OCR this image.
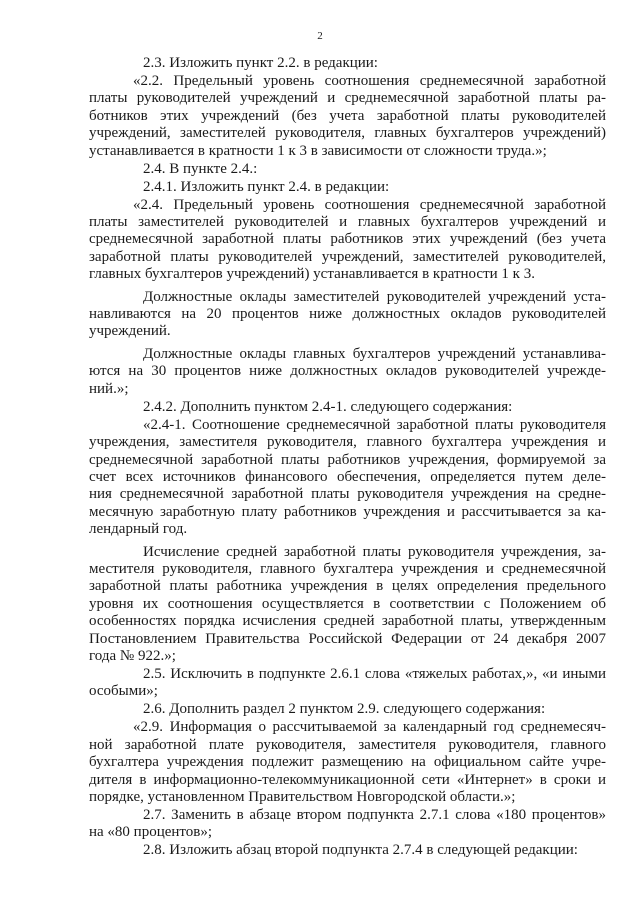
2

2.3. Изложить пункт 2.2. в редакции:

«2.2. Предельный уровень соотношения среднемесячной заработной

платы руководителей учреждений и среднемесячной заработной платы ра-

ботников этих учреждений (без учета заработной платы руководителей

учреждений, заместителей руководителя, главных бухгалтеров учреждений)

устанавливается в кратности 1 к 3 в зависимости от сложности труда.»;

2.4. В пункте 2.4.:

2.4.1. Изложить пункт 2.4. в редакции:

«2.4. Предельный уровень соотношения среднемесячной заработной

платы заместителей руководителей и главных бухгалтеров учреждений и

среднемесячной заработной платы работников этих учреждений (без учета

заработной платы руководителей учреждений, заместителей руководителей,

главных бухгалтеров учреждений) устанавливается в кратности 1 к 3.

Должностные оклады заместителей руководителей учреждений уста-

навливаются на 20 процентов ниже должностных окладов руководителей

учреждений.

Должностные оклады главных бухгалтеров учреждений устанавлива-

ются на 30 процентов ниже должностных окладов руководителей учрежде-

ний.»;

2.4.2. Дополнить пунктом 2.4-1. следующего содержания:

«2.4-1. Соотношение среднемесячной заработной платы руководителя

учреждения, заместителя руководителя, главного бухгалтера учреждения и

среднемесячной заработной платы работников учреждения, формируемой за

счет всех источников финансового обеспечения, определяется путем деле-

ния среднемесячной заработной платы руководителя учреждения на средне-

месячную заработную плату работников учреждения и рассчитывается за ка-

лендарный год.

Исчисление средней заработной платы руководителя учреждения, за-

местителя руководителя, главного бухгалтера учреждения и среднемесячной

заработной платы работника учреждения в целях определения предельного

уровня их соотношения осуществляется в соответствии с Положением об

особенностях порядка исчисления средней заработной платы, утвержденным

Постановлением Правительства Российской Федерации от 24 декабря 2007

года № 922.»;

2.5. Исключить в подпункте 2.6.1 слова «тяжелых работах,», «и иными

особыми»;

2.6. Дополнить раздел 2 пунктом 2.9. следующего содержания:

«2.9. Информация о рассчитываемой за календарный год среднемесяч-

ной заработной плате руководителя, заместителя руководителя, главного

бухгалтера учреждения подлежит размещению на официальном сайте учре-

дителя в информационно-телекоммуникационной сети «Интернет» в сроки и

порядке, установленном Правительством Новгородской области.»;

2.7. Заменить в абзаце втором подпункта 2.7.1 слова «180 процентов»

на «80 процентов»;

2.8. Изложить абзац второй подпункта 2.7.4 в следующей редакции:
